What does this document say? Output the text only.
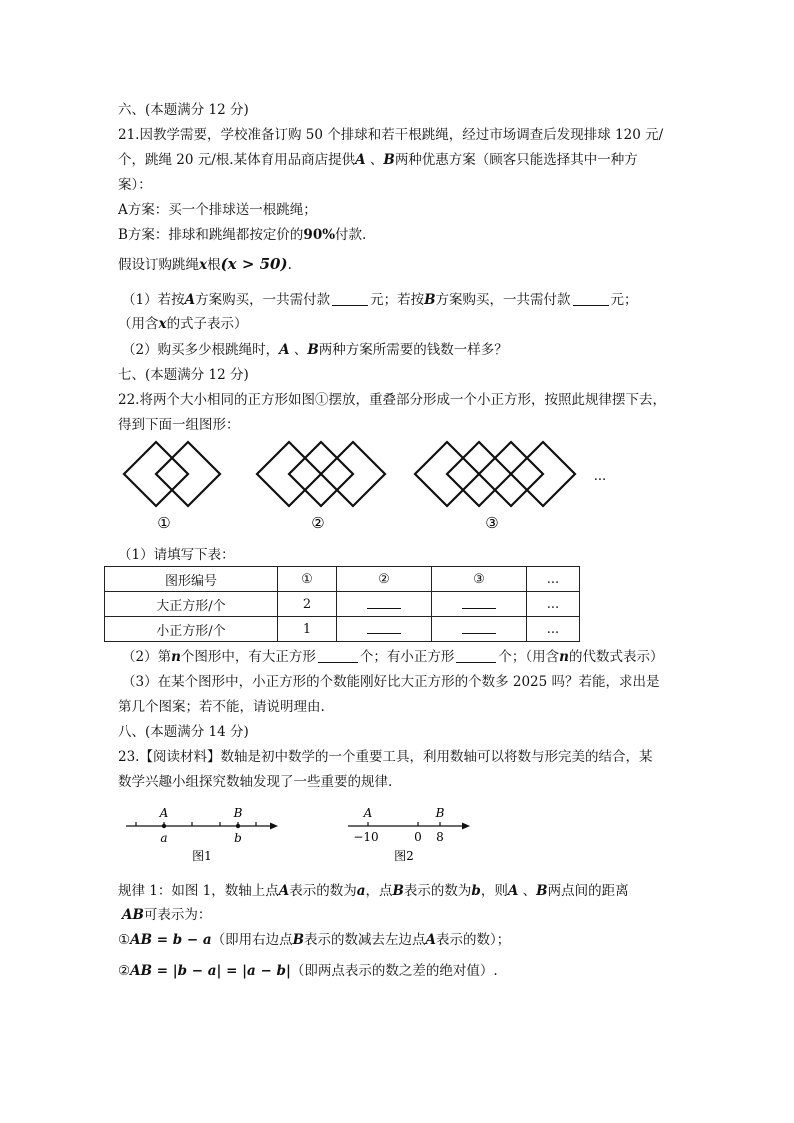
六、(本题满分 12 分)
21.因教学需要，学校准备订购 50 个排球和若干根跳绳，经过市场调查后发现排球 120 元/
个，跳绳 20 元/根.某体育用品商店提供A 、B两种优惠方案（顾客只能选择其中一种方
案）：
A方案：买一个排球送一根跳绳；
B方案：排球和跳绳都按定价的90%付款.
假设订购跳绳x根(x > 50).
（1）若按A方案购买，一共需付款	元；若按B方案购买，一共需付款	元；
（用含x的式子表示）
（2）购买多少根跳绳时，A 、B两种方案所需要的钱数一样多？
七、(本题满分 12 分)
22.将两个大小相同的正方形如图①摆放，重叠部分形成一个小正方形，按照此规律摆下去，
得到下面一组图形：
①	②	③
...
（1）请填写下表：
图形编号	①	②	③	...
大正方形/个	2			...
小正方形/个	1			...
（2）第n个图形中，有大正方形	个；有小正方形	个；（用含n的代数式表示）
（3）在某个图形中，小正方形的个数能刚好比大正方形的个数多 2025 吗？若能，求出是
第几个图案；若不能，请说明理由.
八、(本题满分 14 分)
23.【阅读材料】数轴是初中数学的一个重要工具，利用数轴可以将数与形完美的结合，某
数学兴趣小组探究数轴发现了一些重要的规律.
A	B
a	b
图1
A	B
−10	0 8
图2
规律 1：如图 1，数轴上点A表示的数为a，点B表示的数为b，则A 、B两点间的距离
AB可表示为：
①AB = b − a（即用右边点B表示的数减去左边点A表示的数）；
②AB = |b − a| = |a − b|（即两点表示的数之差的绝对值）.
